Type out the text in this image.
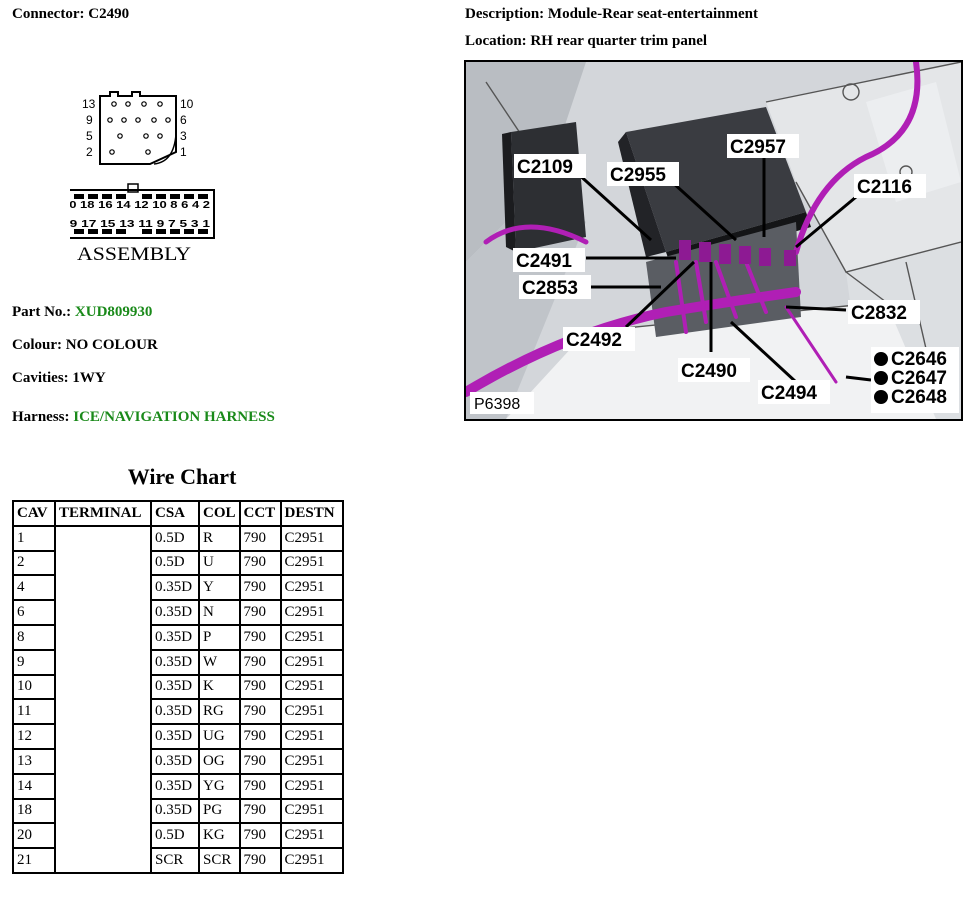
Connector: C2490	Description: Module-Rear seat-entertainment
Location: RH rear quarter trim panel
13
9
5
2
10
6
3
1
20 18 16 14 12 10 8 6 4 2
19 17 15 13 11 9 7 5 3 1
ASSEMBLY
Part No.: XUD809930
Colour: NO COLOUR
Cavities: 1WY
Harness: ICE/NAVIGATION HARNESS
C2109 C2955
C2957
C2116
C2491
C2853
C2832
C2492
C2490
C2494
C2646
C2647
C2648
P6398
Wire Chart
CAV	TERMINAL	CSA	COL	CCT	DESTN
1		0.5D	R	790	C2951
2		0.5D	U	790	C2951
4		0.35D	Y	790	C2951
6		0.35D	N	790	C2951
8		0.35D	P	790	C2951
9		0.35D	W	790	C2951
10		0.35D	K	790	C2951
11		0.35D	RG	790	C2951
12		0.35D	UG	790	C2951
13		0.35D	OG	790	C2951
14		0.35D	YG	790	C2951
18		0.35D	PG	790	C2951
20		0.5D	KG	790	C2951
21		SCR	SCR	790	C2951
